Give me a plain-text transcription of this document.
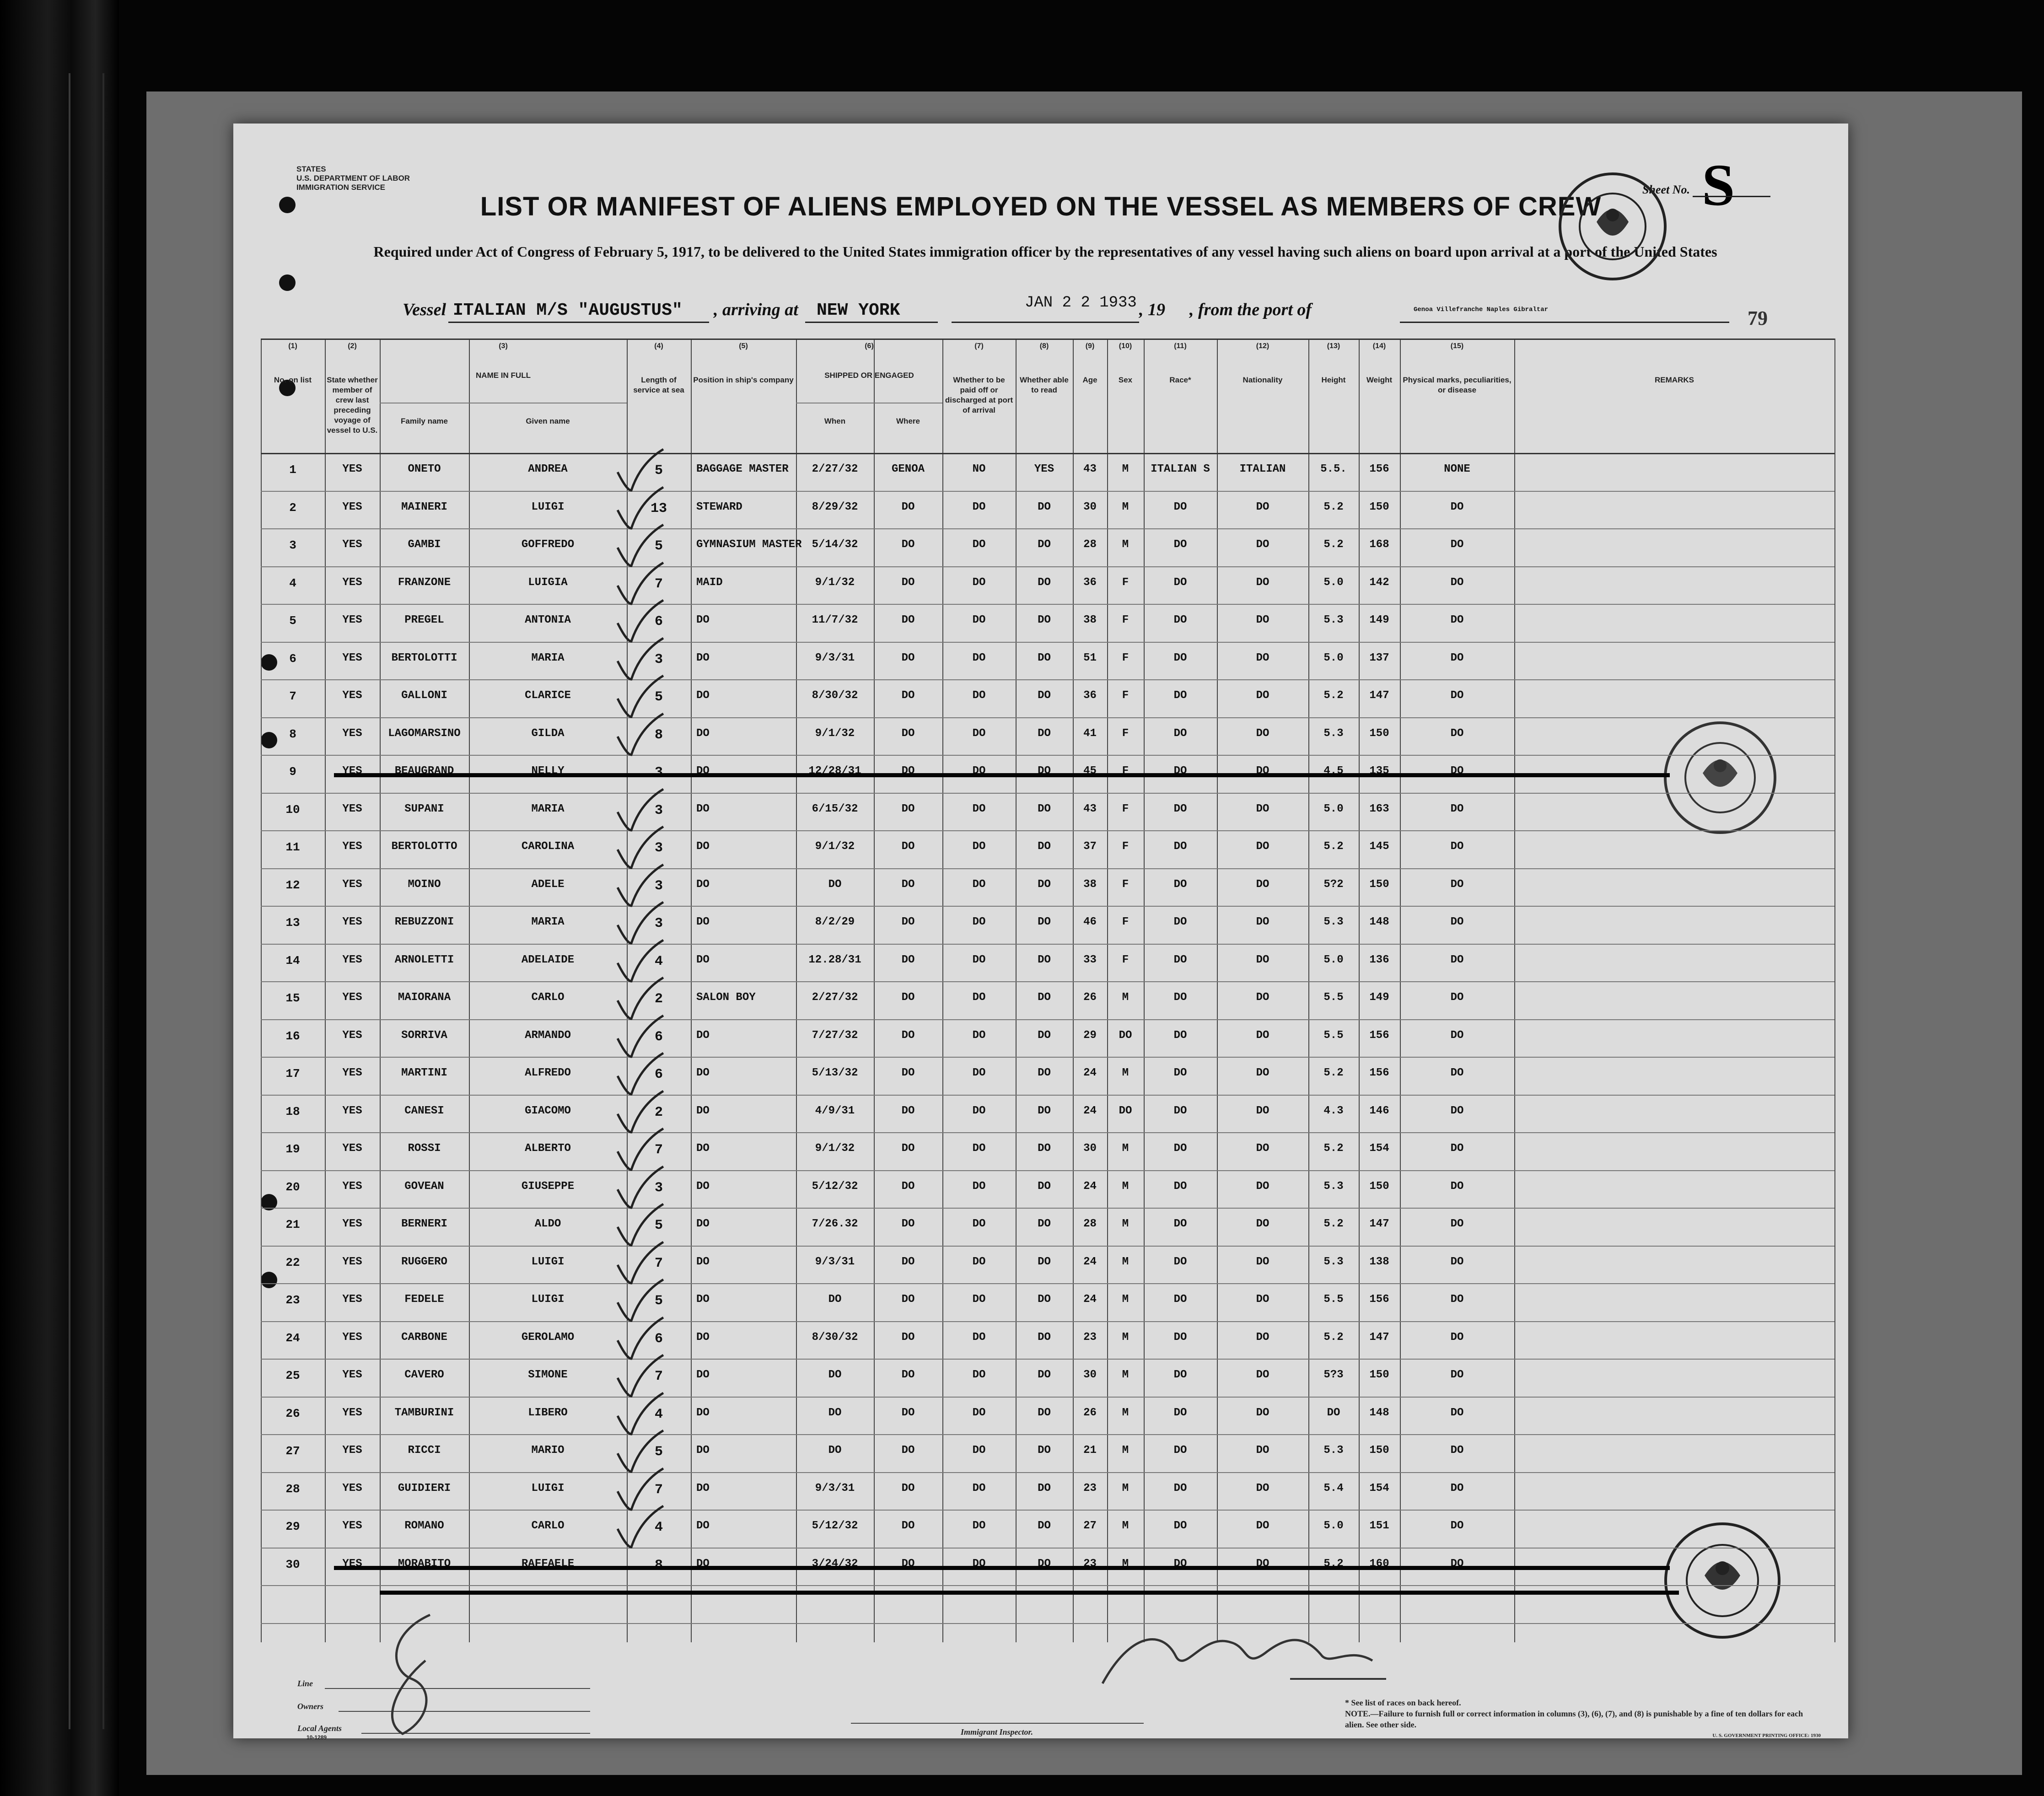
STATES
U.S. DEPARTMENT OF LABOR
IMMIGRATION SERVICE
LIST OR MANIFEST OF ALIENS EMPLOYED ON THE VESSEL AS MEMBERS OF CREW
Required under Act of Congress of February 5, 1917, to be delivered to the United States immigration officer by the representatives of any vessel having such aliens on board upon arrival at a port of the United States
Sheet No. S
Vessel ITALIAN M/S "AUGUSTUS" , arriving at NEW YORK	JAN 2 2 1933 , 19 , from the port of	Genoa Villefranche Naples Gibraltar	79
(1)
No. on list
(2)
State whether member of crew last preceding voyage of vessel to U.S.
(3)
NAME IN FULL
Family name	Given name
(4)
Length of service at sea
(5)
Position in ship's company
(6)
SHIPPED OR ENGAGED
When	Where
(7)
Whether to be paid off or discharged at port of arrival
(8)
Whether able to read
(9)
Age
(10)
Sex
(11)
Race*
(12)
Nationality
(13)
Height
(14)
Weight
(15)
Physical marks, peculiarities, or disease
REMARKS
1	YES	ONETO	ANDREA	5	BAGGAGE MASTER	2/27/32	GENOA	NO	YES	43	M	ITALIAN S	ITALIAN	5.5.	156	NONE
2	YES	MAINERI	LUIGI	13	STEWARD	8/29/32	DO	DO	DO	30	M	DO	DO	5.2	150	DO
3	YES	GAMBI	GOFFREDO	5	GYMNASIUM MASTER 5/14/32	DO	DO	DO	28	M	DO	DO	5.2	168	DO
4	YES	FRANZONE	LUIGIA	7	MAID	9/1/32	DO	DO	DO	36	F	DO	DO	5.0	142	DO
5	YES	PREGEL	ANTONIA	6	DO	11/7/32	DO	DO	DO	38	F	DO	DO	5.3	149	DO
6	YES	BERTOLOTTI	MARIA	3	DO	9/3/31	DO	DO	DO	51	F	DO	DO	5.0	137	DO
7	YES	GALLONI	CLARICE	5	DO	8/30/32	DO	DO	DO	36	F	DO	DO	5.2	147	DO
8	YES	LAGOMARSINO	GILDA	8	DO	9/1/32	DO	DO	DO	41	F	DO	DO	5.3	150	DO
9	YES	BEAUGRAND	NELLY	3	DO	12/28/31	DO	DO	DO	45	F	DO	DO	4.5	135	DO
10	YES	SUPANI	MARIA	3	DO	6/15/32	DO	DO	DO	43	F	DO	DO	5.0	163	DO
11	YES	BERTOLOTTO	CAROLINA	3	DO	9/1/32	DO	DO	DO	37	F	DO	DO	5.2	145	DO
12	YES	MOINO	ADELE	3	DO	DO	DO	DO	DO	38	F	DO	DO	5?2	150	DO
13	YES	REBUZZONI	MARIA	3	DO	8/2/29	DO	DO	DO	46	F	DO	DO	5.3	148	DO
14	YES	ARNOLETTI	ADELAIDE	4	DO	12.28/31	DO	DO	DO	33	F	DO	DO	5.0	136	DO
15	YES	MAIORANA	CARLO	2	SALON BOY	2/27/32	DO	DO	DO	26	M	DO	DO	5.5	149	DO
16	YES	SORRIVA	ARMANDO	6	DO	7/27/32	DO	DO	DO	29	DO	DO	DO	5.5	156	DO
17	YES	MARTINI	ALFREDO	6	DO	5/13/32	DO	DO	DO	24	M	DO	DO	5.2	156	DO
18	YES	CANESI	GIACOMO	2	DO	4/9/31	DO	DO	DO	24	DO	DO	DO	4.3	146	DO
19	YES	ROSSI	ALBERTO	7	DO	9/1/32	DO	DO	DO	30	M	DO	DO	5.2	154	DO
20	YES	GOVEAN	GIUSEPPE	3	DO	5/12/32	DO	DO	DO	24	M	DO	DO	5.3	150	DO
21	YES	BERNERI	ALDO	5	DO	7/26.32	DO	DO	DO	28	M	DO	DO	5.2	147	DO
22	YES	RUGGERO	LUIGI	7	DO	9/3/31	DO	DO	DO	24	M	DO	DO	5.3	138	DO
23	YES	FEDELE	LUIGI	5	DO	DO	DO	DO	DO	24	M	DO	DO	5.5	156	DO
24	YES	CARBONE	GEROLAMO	6	DO	8/30/32	DO	DO	DO	23	M	DO	DO	5.2	147	DO
25	YES	CAVERO	SIMONE	7	DO	DO	DO	DO	DO	30	M	DO	DO	5?3	150	DO
26	YES	TAMBURINI	LIBERO	4	DO	DO	DO	DO	DO	26	M	DO	DO	DO	148	DO
27	YES	RICCI	MARIO	5	DO	DO	DO	DO	DO	21	M	DO	DO	5.3	150	DO
28	YES	GUIDIERI	LUIGI	7	DO	9/3/31	DO	DO	DO	23	M	DO	DO	5.4	154	DO
29	YES	ROMANO	CARLO	4	DO	5/12/32	DO	DO	DO	27	M	DO	DO	5.0	151	DO
30	YES	MORABITO	RAFFAELE	8	DO	3/24/32	DO	DO	DO	23	M	DO	DO	5.2	160	DO
Line
Owners
Local Agents
10-1289
Immigrant Inspector.
* See list of races on back hereof.
NOTE.—Failure to furnish full or correct information in columns (3), (6), (7), and (8) is punishable by a fine of ten dollars for each alien. See other side.
U. S. GOVERNMENT PRINTING OFFICE: 1930
